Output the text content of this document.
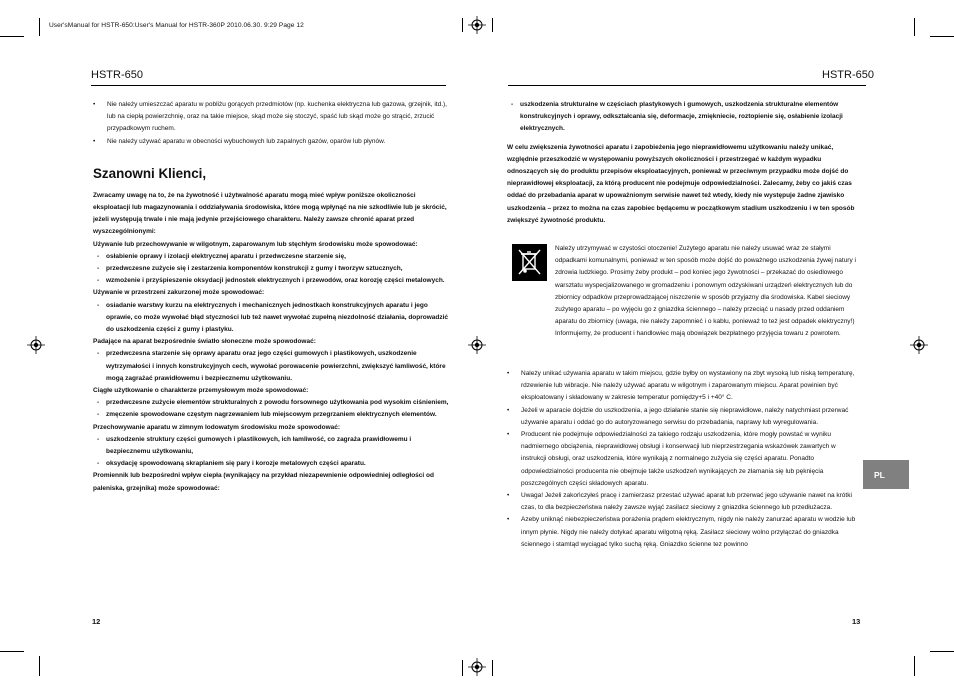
User'sManual for HSTR-650:User's Manual for HSTR-360P 2010.06.30. 9:29 Page 12
HSTR-650	HSTR-650

• Nie należy umieszczać aparatu w pobliżu gorących przedmiotów (np. kuchenka elektryczna lub gazowa, grzejnik, itd.), lub na ciepłą powierzchnię, oraz na takie miejsce, skąd może się stoczyć, spaść lub skąd może go strącić, zrzucić przypadkowym ruchem.

• Nie należy używać aparatu w obecności wybuchowych lub zapalnych gazów, oparów lub płynów.

Szanowni Klienci,

Zwracamy uwagę na to, że na żywotność i użytwalność aparatu mogą mieć wpływ poniższe okoliczności eksploatacji lub magazynowania i oddziaływania środowiska, które mogą wpłynąć na nie szkodliwie lub je skrócić, jeżeli występują trwale i nie mają jedynie przejściowego charakteru. Należy zawsze chronić aparat przed wyszczególnionymi:

Używanie lub przechowywanie w wilgotnym, zaparowanym lub stęchłym środowisku może spowodować:

- osłabienie oprawy i izolacji elektrycznej aparatu i przedwczesne starzenie się,

- przedwczesne zużycie się i zestarzenia komponentów konstrukcji z gumy i tworzyw sztucznych,

- wzmożenie i przyśpieszenie oksydacji jednostek elektrycznych i przewodów, oraz korozję części metalowych.

Używanie w przestrzeni zakurzonej może spowodować:

- osiadanie warstwy kurzu na elektrycznych i mechanicznych jednostkach konstrukcyjnych aparatu i jego oprawie, co może wywołać błąd styczności lub też nawet wywołać zupełną niezdolność działania, doprowadzić do uszkodzenia części z gumy i plastyku.

Padające na aparat bezpośrednie światło słoneczne może spowodować:

- przedwczesna starzenie się oprawy aparatu oraz jego części gumowych i plastikowych, uszkodzenie wytrzymałości i innych konstrukcyjnych cech, wywołać porowacenie powierzchni, zwiększyć łamliwość, które mogą zagrażać prawidłowemu i bezpiecznemu użytkowaniu.

Ciągłe użytkowanie o charakterze przemysłowym może spowodować:

- przedwczesne zużycie elementów strukturalnych z powodu forsownego użytkowania pod wysokim ciśnieniem,

- zmęczenie spowodowane częstym nagrzewaniem lub miejscowym przegrzaniem elektrycznych elementów.

Przechowywanie aparatu w zimnym lodowatym środowisku może spowodować:

- uszkodzenie struktury części gumowych i plastikowych, ich łamliwość, co zagraża prawidłowemu i bezpiecznemu użytkowaniu,

- oksydację spowodowaną skraplaniem się pary i korozje metalowych części aparatu.

Promiennik lub bezpośredni wpływ ciepła (wynikający na przykład niezapewnienie odpowiedniej odległości od paleniska, grzejnika) może spowodować:

- uszkodzenia strukturalne w częściach plastykowych i gumowych, uszkodzenia strukturalne elementów konstrukcyjnych i oprawy, odkształcania się, deformacje, zmiękniecie, roztopienie się, osłabienie izolacji elektrycznych.

W celu zwiększenia żywotności aparatu i zapobieżenia jego nieprawidłowemu użytkowaniu należy unikać, względnie przeszkodzić w występowaniu powyższych okoliczności i przestrzegać w każdym wypadku odnoszących się do produktu przepisów eksploatacyjnych, ponieważ w przeciwnym przypadku może dojść do nieprawidłowej eksploatacji, za którą producent nie podejmuje odpowiedzialności. Zalecamy, żeby co jakiś czas oddać do przebadania aparat w upoważnionym serwisie nawet też wtedy, kiedy nie występuje żadne zjawisko uszkodzenia – przez to można na czas zapobiec będącemu w początkowym stadium uszkodzeniu i w ten sposób zwiększyć żywotność produktu.

Należy utrzymywać w czystości otoczenie! Zużytego aparatu nie należy usuwać wraz ze stałymi odpadkami komunalnymi, ponieważ w ten sposób może dojść do poważnego uszkodzenia żywej natury i zdrowia ludzkiego. Prosimy żeby produkt – pod koniec jego żywotności – przekazać do osiedlowego warsztatu wyspecjalizowanego w gromadzeniu i ponownym odzyskiwani urządzeń elektrycznych lub do zbiornicy odpadków przeprowadzającej niszczenie w sposób przyjazny dla środowiska. Kabel sieciowy zużytego aparatu – po wyjęciu go z gniazdka ściennego – należy przeciąć u nasady przed oddaniem aparatu do zbiornicy (uwaga, nie należy zapomnieć i o kablu, ponieważ to też jest odpadek elektryczny!)

Informujemy, że producent i handlowiec mają obowiązek bezpłatnego przyjęcia towaru z powrotem.

• Należy unikać używania aparatu w takim miejscu, gdzie byłby on wystawiony na zbyt wysoką lub niską temperaturę, rdzewienie lub wibracje. Nie należy używać aparatu w wilgotnym i zaparowanym miejscu. Aparat powinien być eksploatowany i składowany w zakresie temperatur pomiędzy+5 i +40° C.

• Jeżeli w aparacie dojdzie do uszkodzenia, a jego działanie stanie się nieprawidłowe, należy natychmiast przerwać używanie aparatu i oddać go do autoryzowanego serwisu do przebadania, naprawy lub wyregulowania.

• Producent nie podejmuje odpowiedzialności za takiego rodzaju uszkodzenia, które mogły powstać w wyniku nadmiernego obciążenia, nieprawidłowej obsługi i konserwacji lub nieprzestrzegania wskazówek zawartych w instrukcji obsługi, oraz uszkodzenia, które wynikają z normalnego zużycia się części aparatu. Ponadto odpowiedzialności producenta nie obejmuje także uszkodzeń wynikających ze złamania się lub pęknięcia poszczególnych części składowych aparatu.

• Uwaga! Jeżeli zakończyłeś pracę i zamierzasz przestać używać aparat lub przerwać jego używanie nawet na krótki czas, to dla bezpieczeństwa należy zawsze wyjąć zasilacz sieciowy z gniazdka ściennego lub przedłużacza.

• Azeby uniknąć niebezpieczeństwa porażenia prądem elektrycznym, nigdy nie należy zanurzać aparatu w wodzie lub innym płynie. Nigdy nie należy dotykać aparatu wilgotną ręką. Zasilacz sieciowy wolno przyłączać do gniazdka ściennego i stamtąd wyciągać tylko suchą ręką. Gniazdko ścienne tez powinno

PL
12	13
